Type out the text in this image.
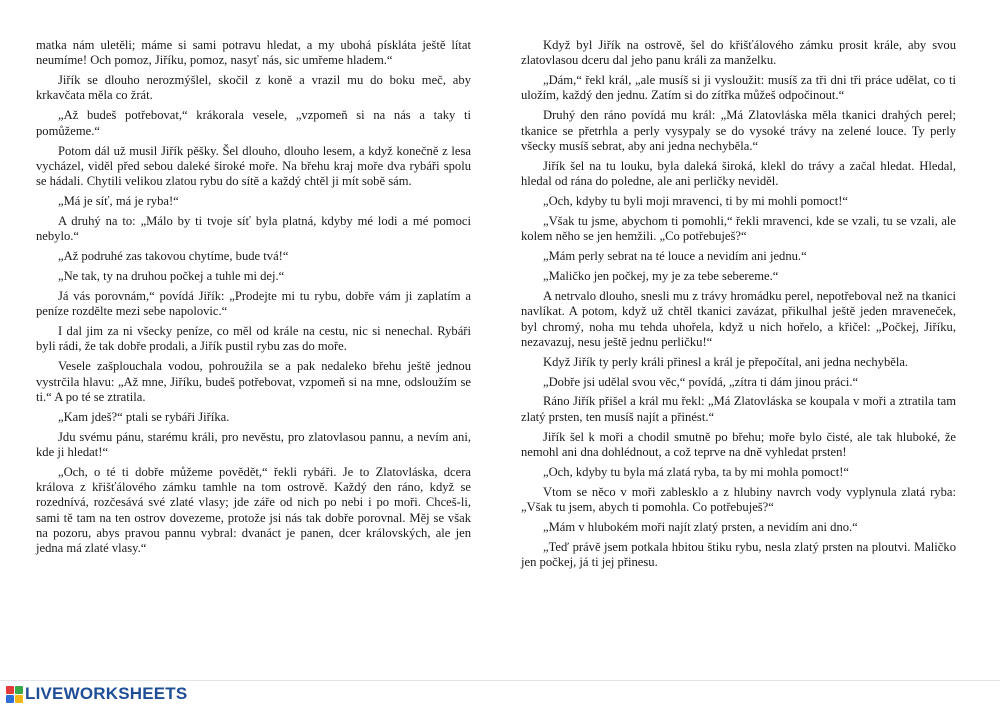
matka nám uletěli; máme si sami potravu hledat, a my ubohá pískláta ještě lítat neumíme! Och pomoz, Jiříku, pomoz, nasyť nás, sic umřeme hladem.“

Jiřík se dlouho nerozmýšlel, skočil z koně a vrazil mu do boku meč, aby krkavčata měla co žrát.

„Až budeš potřebovat,“ krákorala vesele, „vzpomeň si na nás a taky ti pomůžeme.“

Potom dál už musil Jiřík pěšky. Šel dlouho, dlouho lesem, a když konečně z lesa vycházel, viděl před sebou daleké široké moře. Na břehu kraj moře dva rybáři spolu se hádali. Chytili velikou zlatou rybu do sítě a každý chtěl ji mít sobě sám.

„Má je síť, má je ryba!“

A druhý na to: „Málo by ti tvoje síť byla platná, kdyby mé lodi a mé pomoci nebylo.“

„Až podruhé zas takovou chytíme, bude tvá!“

„Ne tak, ty na druhou počkej a tuhle mi dej.“

Já vás porovnám,“ povídá Jiřík: „Prodejte mi tu rybu, dobře vám ji zaplatím a peníze rozdělte mezi sebe napolovic.“

I dal jim za ni všecky peníze, co měl od krále na cestu, nic si nenechal. Rybáři byli rádi, že tak dobře prodali, a Jiřík pustil rybu zas do moře.

Vesele zašplouchala vodou, pohroužila se a pak nedaleko břehu ještě jednou vystrčila hlavu: „Až mne, Jiříku, budeš potřebovat, vzpomeň si na mne, odsloužím se ti.“ A po té se ztratila.

„Kam jdeš?“ ptali se rybáři Jiříka.

Jdu svému pánu, starému králi, pro nevěstu, pro zlatovlasou pannu, a nevím ani, kde ji hledat!“

„Och, o té ti dobře můžeme povědět,“ řekli rybáři. Je to Zlatovláska, dcera králova z křišťálového zámku tamhle na tom ostrově. Každý den ráno, když se rozednívá, rozčesává své zlaté vlasy; jde záře od nich po nebi i po moři. Chceš-li, sami tě tam na ten ostrov dovezeme, protože jsi nás tak dobře porovnal. Měj se však na pozoru, abys pravou pannu vybral: dvanáct je panen, dcer královských, ale jen jedna má zlaté vlasy.“

Když byl Jiřík na ostrově, šel do křišťálového zámku prosit krále, aby svou zlatovlasou dceru dal jeho panu králi za manželku.

„Dám,“ řekl král, „ale musíš si ji vysloužit: musíš za tři dni tři práce udělat, co ti uložím, každý den jednu. Zatím si do zítřka můžeš odpočinout.“

Druhý den ráno povídá mu král: „Má Zlatovláska měla tkanici drahých perel; tkanice se přetrhla a perly vysypaly se do vysoké trávy na zelené louce. Ty perly všecky musíš sebrat, aby ani jedna nechyběla.“

Jiřík šel na tu louku, byla daleká široká, klekl do trávy a začal hledat. Hledal, hledal od rána do poledne, ale ani perličky neviděl.

„Och, kdyby tu byli moji mravenci, ti by mi mohli pomoct!“

„Však tu jsme, abychom ti pomohli,“ řekli mravenci, kde se vzali, tu se vzali, ale kolem něho se jen hemžili. „Co potřebuješ?“

„Mám perly sebrat na té louce a nevidím ani jednu.“

„Maličko jen počkej, my je za tebe sebereme.“

A netrvalo dlouho, snesli mu z trávy hromádku perel, nepotřeboval než na tkanici navlíkat. A potom, když už chtěl tkanici zavázat, přikulhal ještě jeden mraveneček, byl chromý, noha mu tehda uhořela, když u nich hořelo, a křičel: „Počkej, Jiříku, nezavazuj, nesu ještě jednu perličku!“

Když Jiřík ty perly králi přinesl a král je přepočítal, ani jedna nechyběla.

„Dobře jsi udělal svou věc,“ povídá, „zítra ti dám jinou práci.“

Ráno Jiřík přišel a král mu řekl: „Má Zlatovláska se koupala v moři a ztratila tam zlatý prsten, ten musíš najít a přinést.“

Jiřík šel k moři a chodil smutně po břehu; moře bylo čisté, ale tak hluboké, že nemohl ani dna dohlédnout, a což teprve na dně vyhledat prsten!

„Och, kdyby tu byla má zlatá ryba, ta by mi mohla pomoct!“

Vtom se něco v moři zablesklo a z hlubiny navrch vody vyplynula zlatá ryba: „Však tu jsem, abych ti pomohla. Co potřebuješ?“

„Mám v hlubokém moři najít zlatý prsten, a nevidím ani dno.“

„Teď právě jsem potkala hbitou štiku rybu, nesla zlatý prsten na ploutvi. Maličko jen počkej, já ti jej přinesu.

LIVEWORKSHEETS
